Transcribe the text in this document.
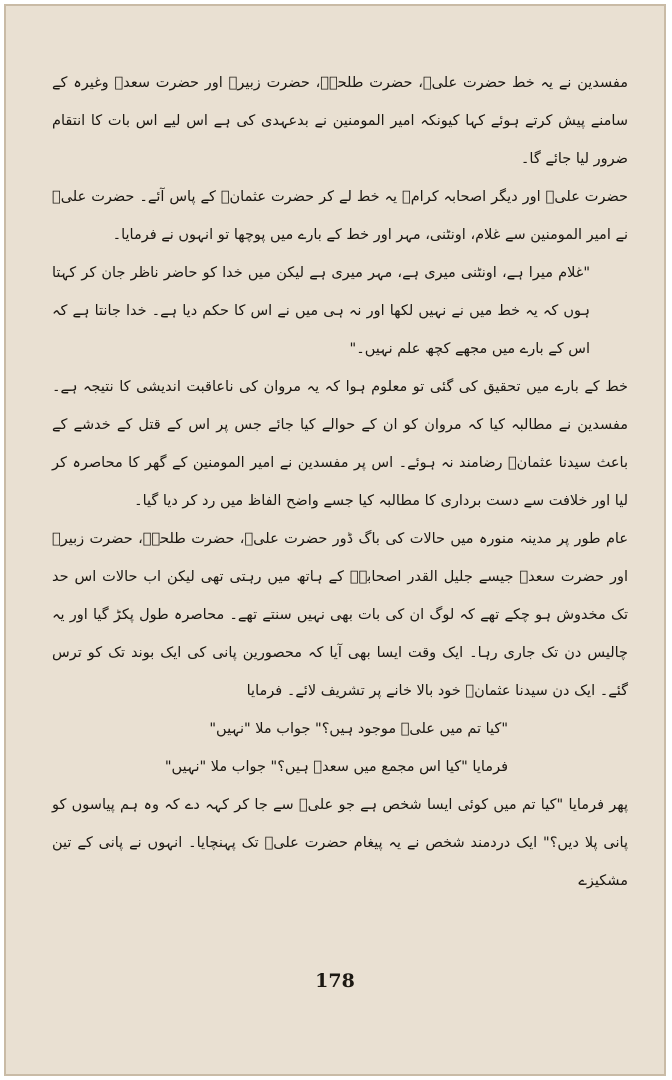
مفسدین نے یہ خط حضرت علیؓ، حضرت طلحہؓ، حضرت زبیرؓ اور حضرت سعدؓ وغیرہ کے سامنے پیش کرتے ہوئے کہا کیونکہ امیر المومنین نے بدعہدی کی ہے اس لیے اس بات کا انتقام ضرور لیا جائے گا۔

حضرت علیؓ اور دیگر اصحابہ کرامؓ یہ خط لے کر حضرت عثمانؓ کے پاس آئے۔ حضرت علیؓ نے امیر المومنین سے غلام، اونٹنی، مہر اور خط کے بارے میں پوچھا تو انہوں نے فرمایا۔

"غلام میرا ہے، اونٹنی میری ہے، مہر میری ہے لیکن میں خدا کو حاضر ناظر جان کر کہتا ہوں کہ یہ خط میں نے نہیں لکھا اور نہ ہی میں نے اس کا حکم دیا ہے۔ خدا جانتا ہے کہ اس کے بارے میں مجھے کچھ علم نہیں۔"

خط کے بارے میں تحقیق کی گئی تو معلوم ہوا کہ یہ مروان کی ناعاقبت اندیشی کا نتیجہ ہے۔ مفسدین نے مطالبہ کیا کہ مروان کو ان کے حوالے کیا جائے جس پر اس کے قتل کے خدشے کے باعث سیدنا عثمانؓ رضامند نہ ہوئے۔ اس پر مفسدین نے امیر المومنین کے گھر کا محاصرہ کر لیا اور خلافت سے دست برداری کا مطالبہ کیا جسے واضح الفاظ میں رد کر دیا گیا۔

عام طور پر مدینہ منورہ میں حالات کی باگ ڈور حضرت علیؓ، حضرت طلحہؓ، حضرت زبیرؓ اور حضرت سعدؓ جیسے جلیل القدر اصحابہؓ کے ہاتھ میں رہتی تھی لیکن اب حالات اس حد تک مخدوش ہو چکے تھے کہ لوگ ان کی بات بھی نہیں سنتے تھے۔ محاصرہ طول پکڑ گیا اور یہ چالیس دن تک جاری رہا۔ ایک وقت ایسا بھی آیا کہ محصورین پانی کی ایک بوند تک کو ترس گئے۔ ایک دن سیدنا عثمانؓ خود بالا خانے پر تشریف لائے۔ فرمایا

"کیا تم میں علیؓ موجود ہیں؟" جواب ملا "نہیں"

فرمایا "کیا اس مجمع میں سعدؓ ہیں؟" جواب ملا "نہیں"

پھر فرمایا "کیا تم میں کوئی ایسا شخص ہے جو علیؓ سے جا کر کہہ دے کہ وہ ہم پیاسوں کو پانی پلا دیں؟" ایک دردمند شخص نے یہ پیغام حضرت علیؓ تک پہنچایا۔ انہوں نے پانی کے تین مشکیزے

178
